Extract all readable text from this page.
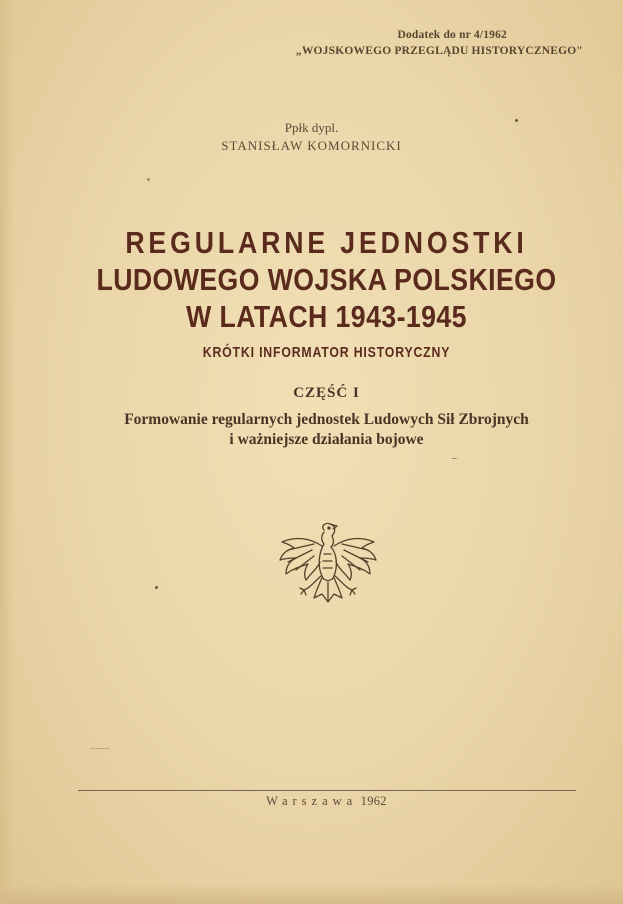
Dodatek do nr 4/1962
„WOJSKOWEGO PRZEGLĄDU HISTORYCZNEGO"
Ppłk dypl.
STANISŁAW KOMORNICKI
REGULARNE JEDNOSTKI
LUDOWEGO WOJSKA POLSKIEGO
W LATACH 1943-1945
KRÓTKI INFORMATOR HISTORYCZNY
CZĘŚĆ I
Formowanie regularnych jednostek Ludowych Sił Zbrojnych
i ważniejsze działania bojowe
Warszawa 1962
